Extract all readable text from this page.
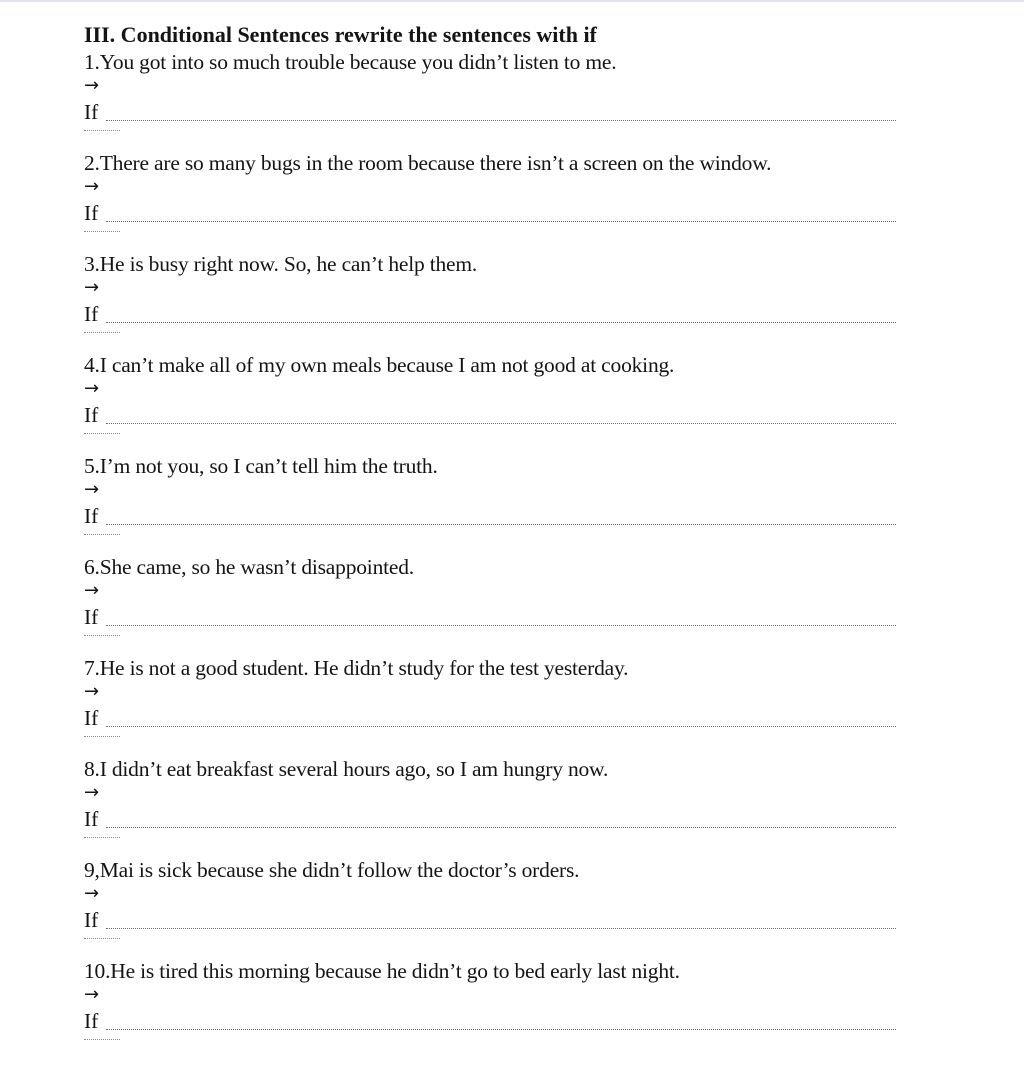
III. Conditional Sentences rewrite the sentences with if
1.You got into so much trouble because you didn’t listen to me.
→
If
2.There are so many bugs in the room because there isn’t a screen on the window.
→
If
3.He is busy right now. So, he can’t help them.
→
If
4.I can’t make all of my own meals because I am not good at cooking.
→
If
5.I’m not you, so I can’t tell him the truth.
→
If
6.She came, so he wasn’t disappointed.
→
If
7.He is not a good student. He didn’t study for the test yesterday.
→
If
8.I didn’t eat breakfast several hours ago, so I am hungry now.
→
If
9,Mai is sick because she didn’t follow the doctor’s orders.
→
If
10.He is tired this morning because he didn’t go to bed early last night.
→
If
